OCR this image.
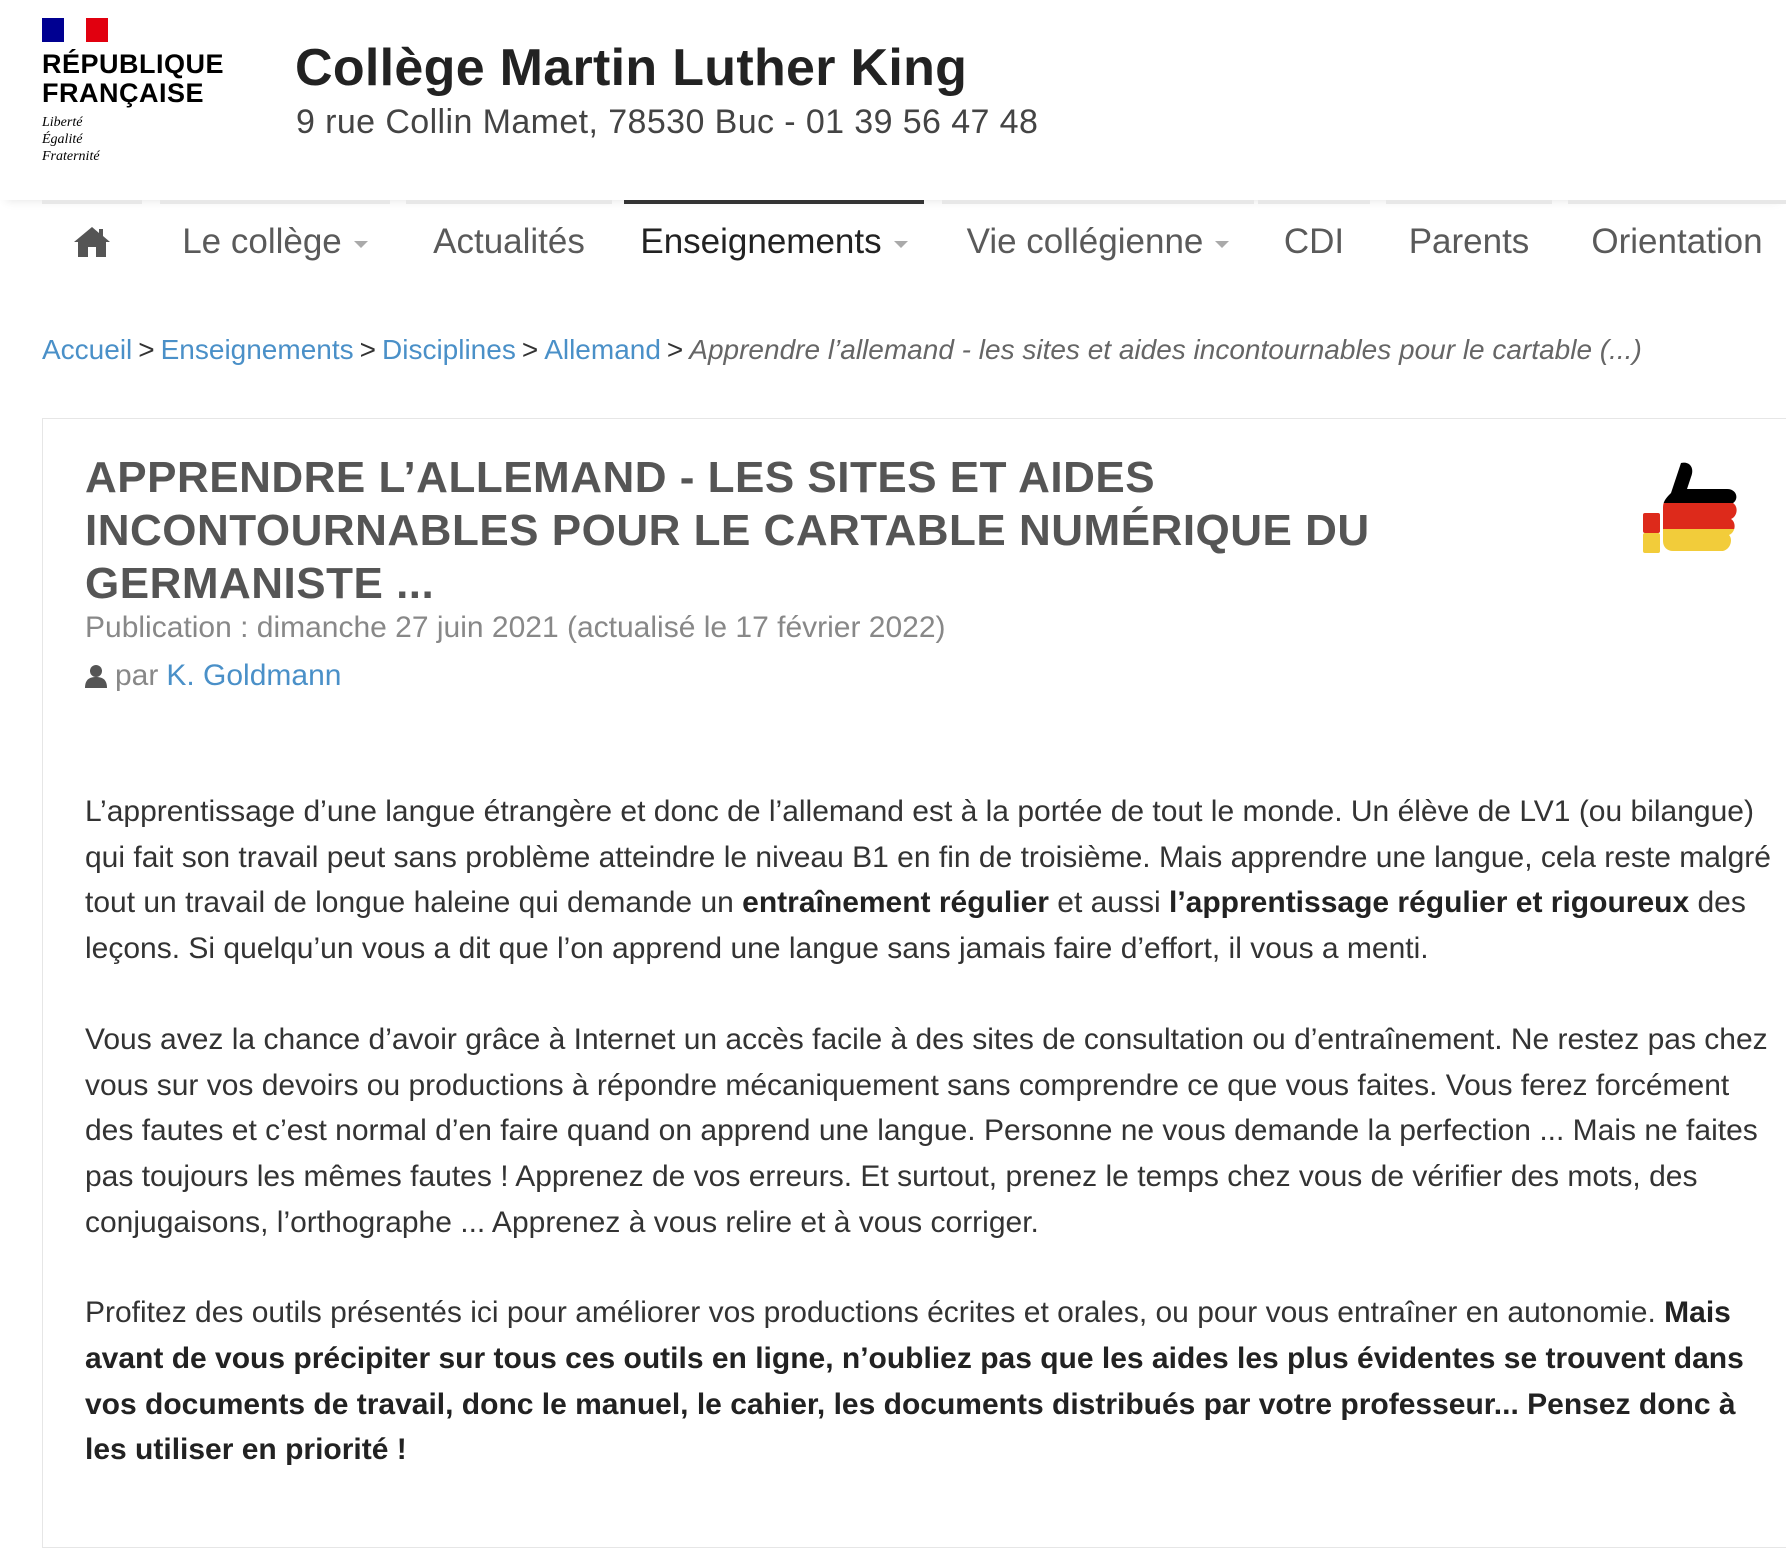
RÉPUBLIQUE
FRANÇAISE
Liberté
Égalité
Fraternité
Collège Martin Luther King
9 rue Collin Mamet, 78530 Buc - 01 39 56 47 48
Le collège	Actualités Enseignements Vie collégienne CDI Parents Orientation
Accueil > Enseignements > Disciplines > Allemand > Apprendre l’allemand - les sites et aides incontournables pour le cartable (...)
APPRENDRE L’ALLEMAND - LES SITES ET AIDES INCONTOURNABLES POUR LE CARTABLE NUMÉRIQUE DU GERMANISTE ...
Publication : dimanche 27 juin 2021 (actualisé le 17 février 2022)
par K. Goldmann

L’apprentissage d’une langue étrangère et donc de l’allemand est à la portée de tout le monde. Un élève de LV1 (ou bilangue) qui fait son travail peut sans problème atteindre le niveau B1 en fin de troisième. Mais apprendre une langue, cela reste malgré tout un travail de longue haleine qui demande un entraînement régulier et aussi l’apprentissage régulier et rigoureux des leçons. Si quelqu’un vous a dit que l’on apprend une langue sans jamais faire d’effort, il vous a menti.

Vous avez la chance d’avoir grâce à Internet un accès facile à des sites de consultation ou d’entraînement. Ne restez pas chez vous sur vos devoirs ou productions à répondre mécaniquement sans comprendre ce que vous faites. Vous ferez forcément des fautes et c’est normal d’en faire quand on apprend une langue. Personne ne vous demande la perfection ... Mais ne faites pas toujours les mêmes fautes ! Apprenez de vos erreurs. Et surtout, prenez le temps chez vous de vérifier des mots, des conjugaisons, l’orthographe ... Apprenez à vous relire et à vous corriger.

Profitez des outils présentés ici pour améliorer vos productions écrites et orales, ou pour vous entraîner en autonomie. Mais avant de vous précipiter sur tous ces outils en ligne, n’oubliez pas que les aides les plus évidentes se trouvent dans vos documents de travail, donc le manuel, le cahier, les documents distribués par votre professeur... Pensez donc à les utiliser en priorité !
